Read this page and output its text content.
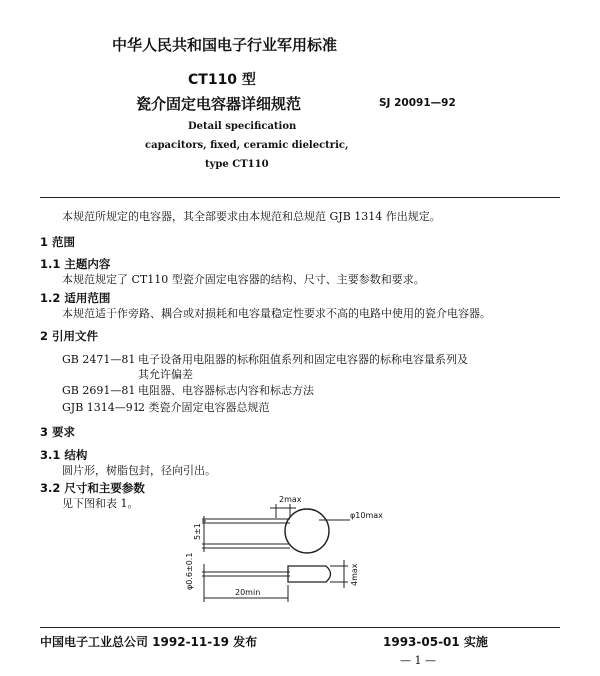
中华人民共和国电子行业军用标准
CT110 型
瓷介固定电容器详细规范	SJ 20091—92
Detail specification
capacitors, fixed, ceramic dielectric,
type CT110
本规范所规定的电容器，其全部要求由本规范和总规范 GJB 1314 作出规定。
1 范围
1.1 主题内容
本规范规定了 CT110 型瓷介固定电容器的结构、尺寸、主要参数和要求。
1.2 适用范围
本规范适于作旁路、耦合或对损耗和电容量稳定性要求不高的电路中使用的瓷介电容器。
2 引用文件
GB 2471—81 电子设备用电阻器的标称阻值系列和固定电容器的标称电容量系列及
其允许偏差
GB 2691—81 电阻器、电容器标志内容和标志方法
GJB 1314—91
2 类瓷介固定电容器总规范
3 要求
3.1 结构
圆片形，树脂包封，径向引出。
3.2 尺寸和主要参数
见下图和表 1。	2max
φ10max
5±1
φ0.6±0.1
20min
4max
中国电子工业总公司 1992-11-19 发布	1993-05-01 实施
— 1 —
